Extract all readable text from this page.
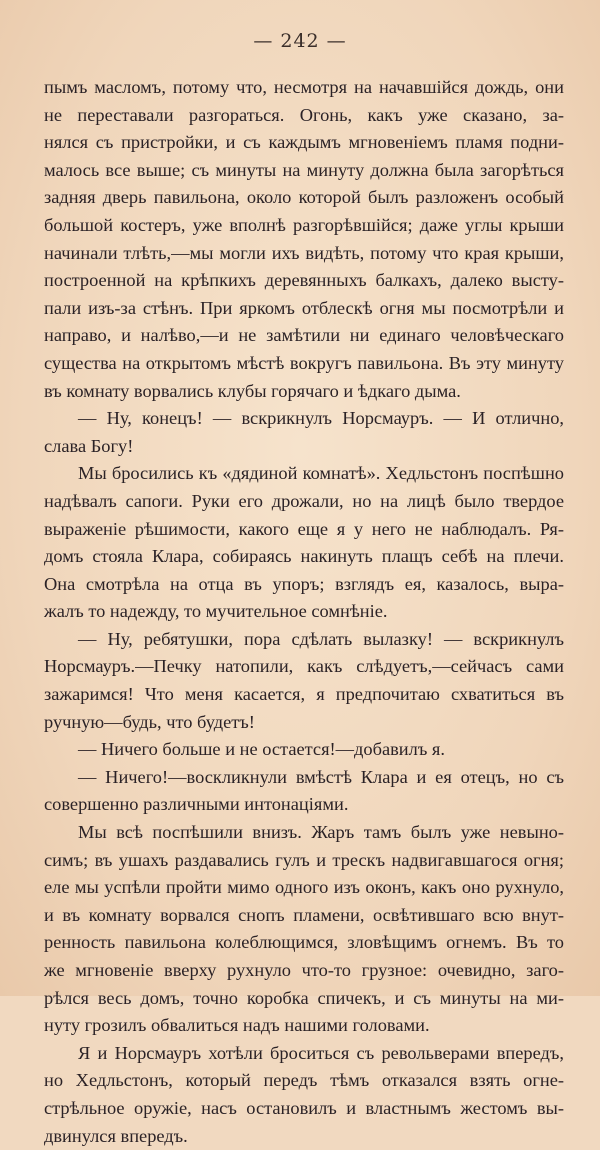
— 242 —
пымъ масломъ, потому что, несмотря на начавшiйся дождь, они
не переставали разгораться. Огонь, какъ уже сказано, за-
нялся съ пристройки, и съ каждымъ мгновенiемъ пламя подни-
малось все выше; съ минуты на минуту должна была загорѣться
задняя дверь павильона, около которой былъ разложенъ особый
большой костеръ, уже вполнѣ разгорѣвшiйся; даже углы крыши
начинали тлѣть,—мы могли ихъ видѣть, потому что края крыши,
построенной на крѣпкихъ деревянныхъ балкахъ, далеко высту-
пали изъ-за стѣнъ. При яркомъ отблескѣ огня мы посмотрѣли и
направо, и налѣво,—и не замѣтили ни единаго человѣческаго
существа на открытомъ мѣстѣ вокругъ павильона. Въ эту минуту
въ комнату ворвались клубы горячаго и ѣдкаго дыма.
— Ну, конецъ! — вскрикнулъ Норсмауръ. — И отлично,
слава Богу!
Мы бросились къ «дядиной комнатѣ». Хедльстонъ поспѣшно
надѣвалъ сапоги. Руки его дрожали, но на лицѣ было твердое
выраженiе рѣшимости, какого еще я у него не наблюдалъ. Ря-
домъ стояла Клара, собираясь накинуть плащъ себѣ на плечи.
Она смотрѣла на отца въ упоръ; взглядъ ея, казалось, выра-
жалъ то надежду, то мучительное сомнѣнiе.
— Ну, ребятушки, пора сдѣлать вылазку! — вскрикнулъ
Норсмауръ.—Печку натопили, какъ слѣдуетъ,—сейчасъ сами
зажаримся! Что меня касается, я предпочитаю схватиться въ
ручную—будь, что будетъ!
— Ничего больше и не остается!—добавилъ я.
— Ничего!—воскликнули вмѣстѣ Клара и ея отецъ, но съ
совершенно различными интонацiями.
Мы всѣ поспѣшили внизъ. Жаръ тамъ былъ уже невыно-
симъ; въ ушахъ раздавались гулъ и трескъ надвигавшагося огня;
еле мы успѣли пройти мимо одного изъ оконъ, какъ оно рухнуло,
и въ комнату ворвался снопъ пламени, освѣтившаго всю внут-
ренность павильона колеблющимся, зловѣщимъ огнемъ. Въ то
же мгновенiе вверху рухнуло что-то грузное: очевидно, заго-
рѣлся весь домъ, точно коробка спичекъ, и съ минуты на ми-
нуту грозилъ обвалиться надъ нашими головами.
Я и Норсмауръ хотѣли броситься съ револьверами впередъ,
но Хедльстонъ, который передъ тѣмъ отказался взять огне-
стрѣльное оружiе, насъ остановилъ и властнымъ жестомъ вы-
двинулся впередъ.
